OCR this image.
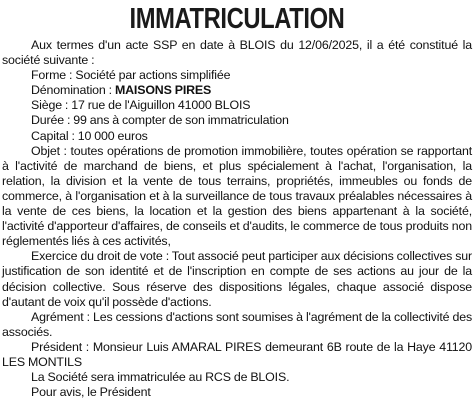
IMMATRICULATION

Aux termes d'un acte SSP en date à BLOIS du 12/06/2025, il a été constitué la société suivante :

Forme : Société par actions simplifiée

Dénomination : MAISONS PIRES

Siège : 17 rue de l'Aiguillon 41000 BLOIS

Durée : 99 ans à compter de son immatriculation

Capital : 10 000 euros

Objet : toutes opérations de promotion immobilière, toutes opération se rapportant à l'activité de marchand de biens, et plus spécialement à l'achat, l'organisation, la relation, la division et la vente de tous terrains, propriétés, immeubles ou fonds de commerce, à l'organisation et à la surveillance de tous travaux préalables nécessaires à la vente de ces biens, la location et la gestion des biens appartenant à la société, l'activité d'apporteur d'affaires, de conseils et d'audits, le commerce de tous produits non réglementés liés à ces activités,

Exercice du droit de vote : Tout associé peut participer aux décisions collectives sur justification de son identité et de l'inscription en compte de ses actions au jour de la décision collective. Sous réserve des dispositions légales, chaque associé dispose d'autant de voix qu'il possède d'actions.

Agrément : Les cessions d'actions sont soumises à l'agrément de la collectivité des associés.

Président : Monsieur Luis AMARAL PIRES demeurant 6B route de la Haye 41120 LES MONTILS

La Société sera immatriculée au RCS de BLOIS.

Pour avis, le Président
